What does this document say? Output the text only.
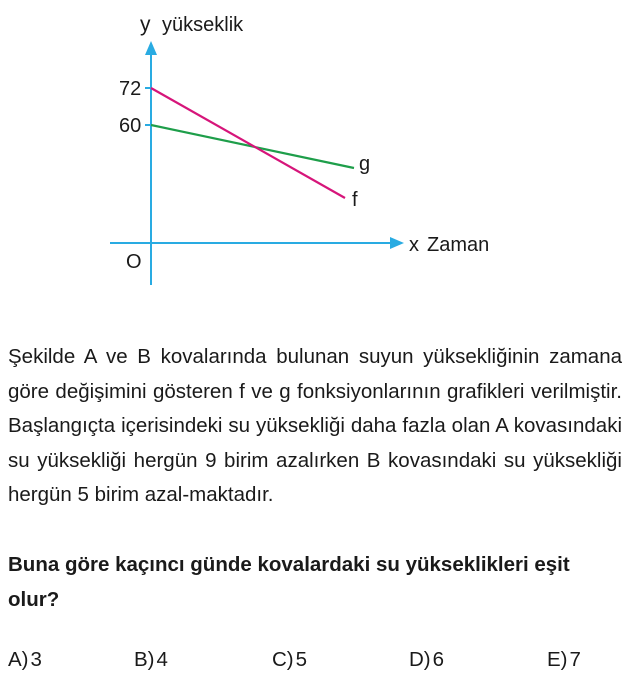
y yükseklik
72
60
g
f
x Zaman
O
Şekilde A ve B kovalarında bulunan suyun yüksekliğinin zamana göre değişimini gösteren f ve g fonksiyonlarının grafikleri verilmiştir. Başlangıçta içerisindeki su yüksekliği daha fazla olan A kovasındaki su yüksekliği hergün 9 birim azalırken B kovasındaki su yüksekliği hergün 5 birim azal-maktadır.
Buna göre kaçıncı günde kovalardaki su yükseklikleri eşit olur?
A)3	B)4	C)5	D)6	E)7
